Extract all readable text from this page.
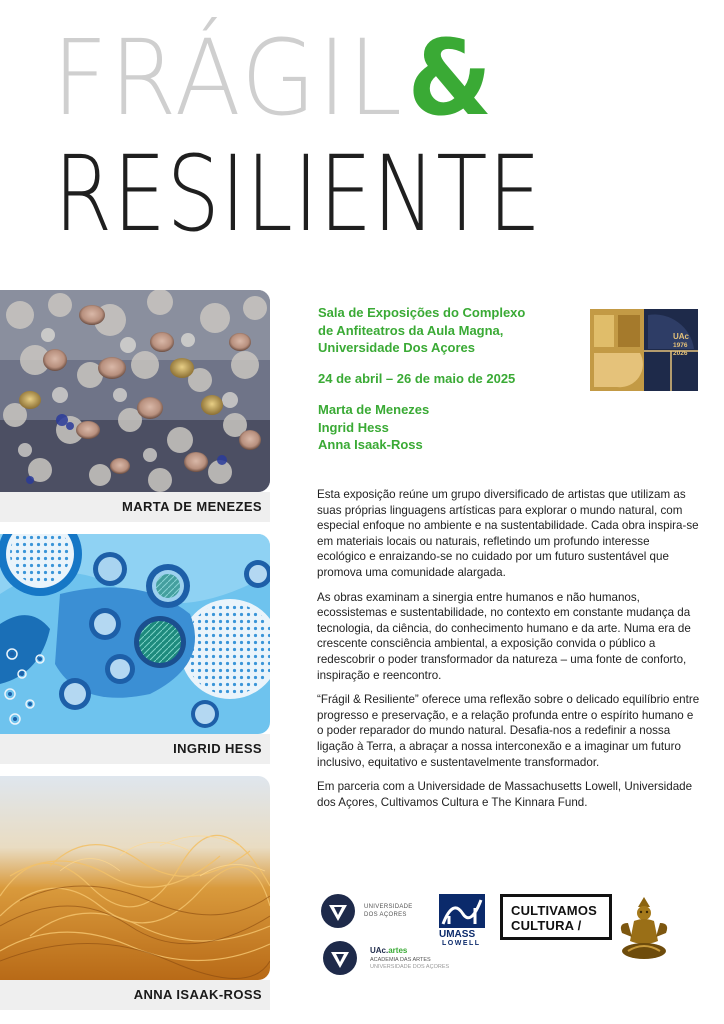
FRÁGIL&
RESILIENTE
MARTA DE MENEZES
INGRID HESS
ANNA ISAAK-ROSS

Sala de Exposições do Complexo

de Anfiteatros da Aula Magna,

Universidade Dos Açores

24 de abril – 26 de maio de 2025

Marta de Menezes

Ingrid Hess

Anna Isaak-Ross

UAc
1976
2026

Esta exposição reúne um grupo diversificado de artistas que utilizam as suas próprias linguagens artísticas para explorar o mundo natural, com especial enfoque no ambiente e na sustentabilidade. Cada obra inspira-se em materiais locais ou naturais, refletindo um profundo interesse ecológico e enraizando-se no cuidado por um futuro sustentável que promova uma comunidade alargada.

As obras examinam a sinergia entre humanos e não humanos, ecossistemas e sustentabilidade, no contexto em constante mudança da tecnologia, da ciência, do conhecimento humano e da arte. Numa era de crescente consciência ambiental, a exposição convida o público a redescobrir o poder transformador da natureza – uma fonte de conforto, inspiração e reencontro.

“Frágil & Resiliente” oferece uma reflexão sobre o delicado equilíbrio entre progresso e preservação, e a relação profunda entre o espírito humano e o poder reparador do mundo natural. Desafia-nos a redefinir a nossa ligação à Terra, a abraçar a nossa interconexão e a imaginar um futuro inclusivo, equitativo e sustentavelmente transformador.

Em parceria com a Universidade de Massachusetts Lowell, Universidade dos Açores, Cultivamos Cultura e The Kinnara Fund.

UNIVERSIDADE
DOS AÇORES
UAc.artes
ACADEMIA DAS ARTES
UNIVERSIDADE DOS AÇORES
UMASS
LOWELL
CULTIVAMOS
CULTURA /
